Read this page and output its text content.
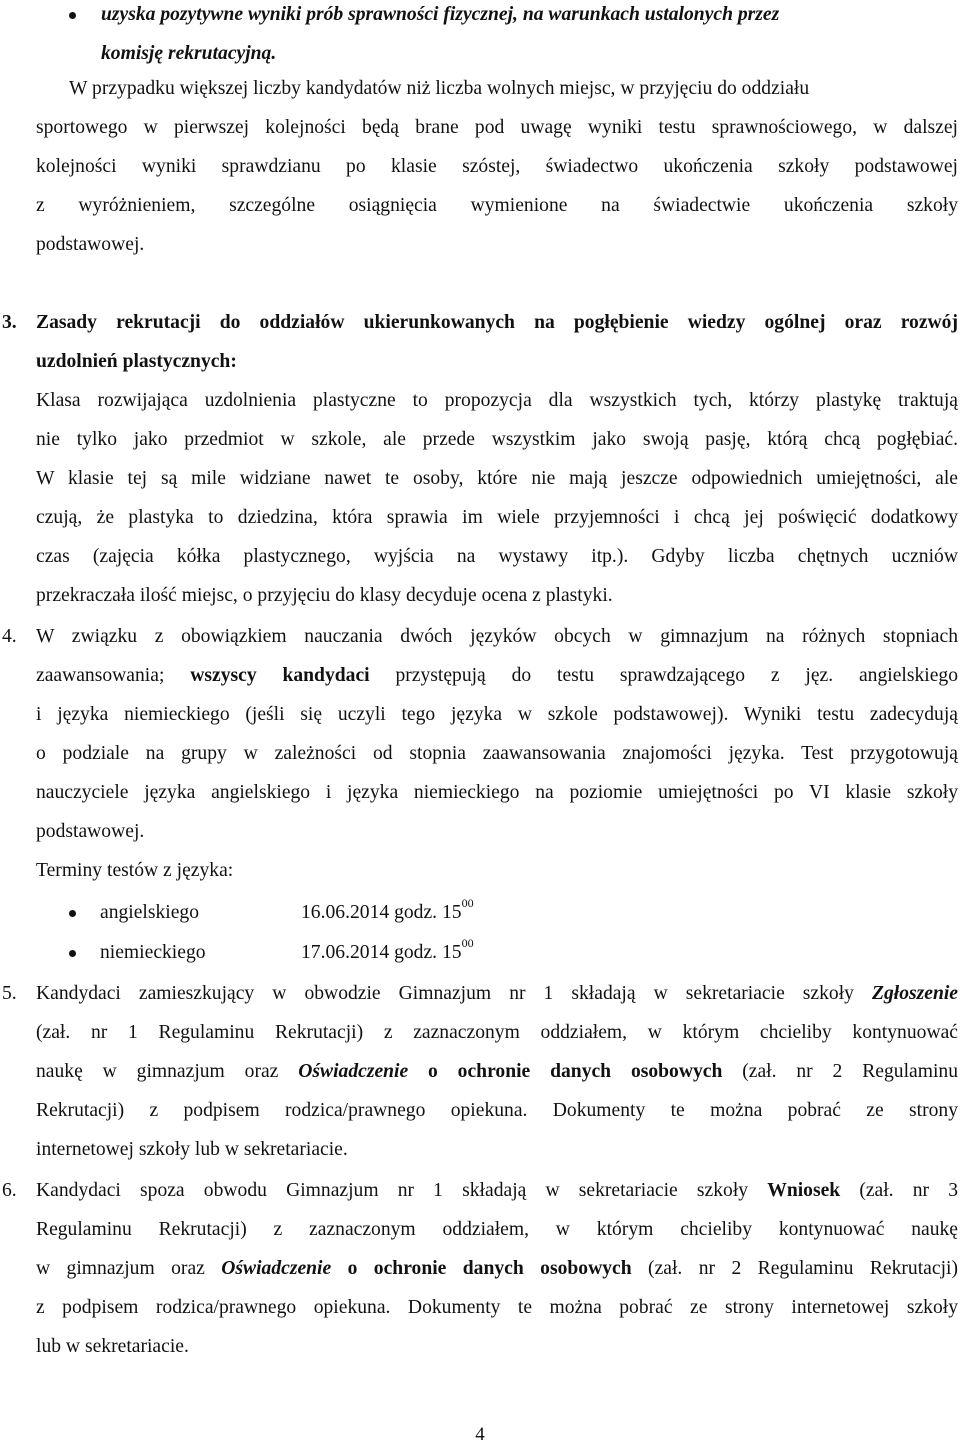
uzyska pozytywne wyniki prób sprawności fizycznej, na warunkach ustalonych przez
komisję rekrutacyjną.
W przypadku większej liczby kandydatów niż liczba wolnych miejsc, w przyjęciu do oddziału
sportowego w pierwszej kolejności będą brane pod uwagę wyniki testu sprawnościowego, w dalszej
kolejności wyniki sprawdzianu po klasie szóstej, świadectwo ukończenia szkoły podstawowej
z wyróżnieniem, szczególne osiągnięcia wymienione na świadectwie ukończenia szkoły
podstawowej.
3. Zasady rekrutacji do oddziałów ukierunkowanych na pogłębienie wiedzy ogólnej oraz rozwój
uzdolnień plastycznych:
Klasa rozwijająca uzdolnienia plastyczne to propozycja dla wszystkich tych, którzy plastykę traktują
nie tylko jako przedmiot w szkole, ale przede wszystkim jako swoją pasję, którą chcą pogłębiać.
W klasie tej są mile widziane nawet te osoby, które nie mają jeszcze odpowiednich umiejętności, ale
czują, że plastyka to dziedzina, która sprawia im wiele przyjemności i chcą jej poświęcić dodatkowy
czas (zajęcia kółka plastycznego, wyjścia na wystawy itp.). Gdyby liczba chętnych uczniów
przekraczała ilość miejsc, o przyjęciu do klasy decyduje ocena z plastyki.
4. W związku z obowiązkiem nauczania dwóch języków obcych w gimnazjum na różnych stopniach
zaawansowania; wszyscy kandydaci przystępują do testu sprawdzającego z jęz. angielskiego
i języka niemieckiego (jeśli się uczyli tego języka w szkole podstawowej). Wyniki testu zadecydują
o podziale na grupy w zależności od stopnia zaawansowania znajomości języka. Test przygotowują
nauczyciele języka angielskiego i języka niemieckiego na poziomie umiejętności po VI klasie szkoły
podstawowej.
Terminy testów z języka:
angielskiego	16.06.2014 godz. $15^{00}$
niemieckiego	17.06.2014 godz. $15^{00}$
5. Kandydaci zamieszkujący w obwodzie Gimnazjum nr 1 składają w sekretariacie szkoły Zgłoszenie
(zał. nr 1 Regulaminu Rekrutacji) z zaznaczonym oddziałem, w którym chcieliby kontynuować
naukę w gimnazjum oraz Oświadczenie o ochronie danych osobowych (zał. nr 2 Regulaminu
Rekrutacji) z podpisem rodzica/prawnego opiekuna. Dokumenty te można pobrać ze strony
internetowej szkoły lub w sekretariacie.
6. Kandydaci spoza obwodu Gimnazjum nr 1 składają w sekretariacie szkoły Wniosek (zał. nr 3
Regulaminu Rekrutacji) z zaznaczonym oddziałem, w którym chcieliby kontynuować naukę
w gimnazjum oraz Oświadczenie o ochronie danych osobowych (zał. nr 2 Regulaminu Rekrutacji)
z podpisem rodzica/prawnego opiekuna. Dokumenty te można pobrać ze strony internetowej szkoły
lub w sekretariacie.
4
